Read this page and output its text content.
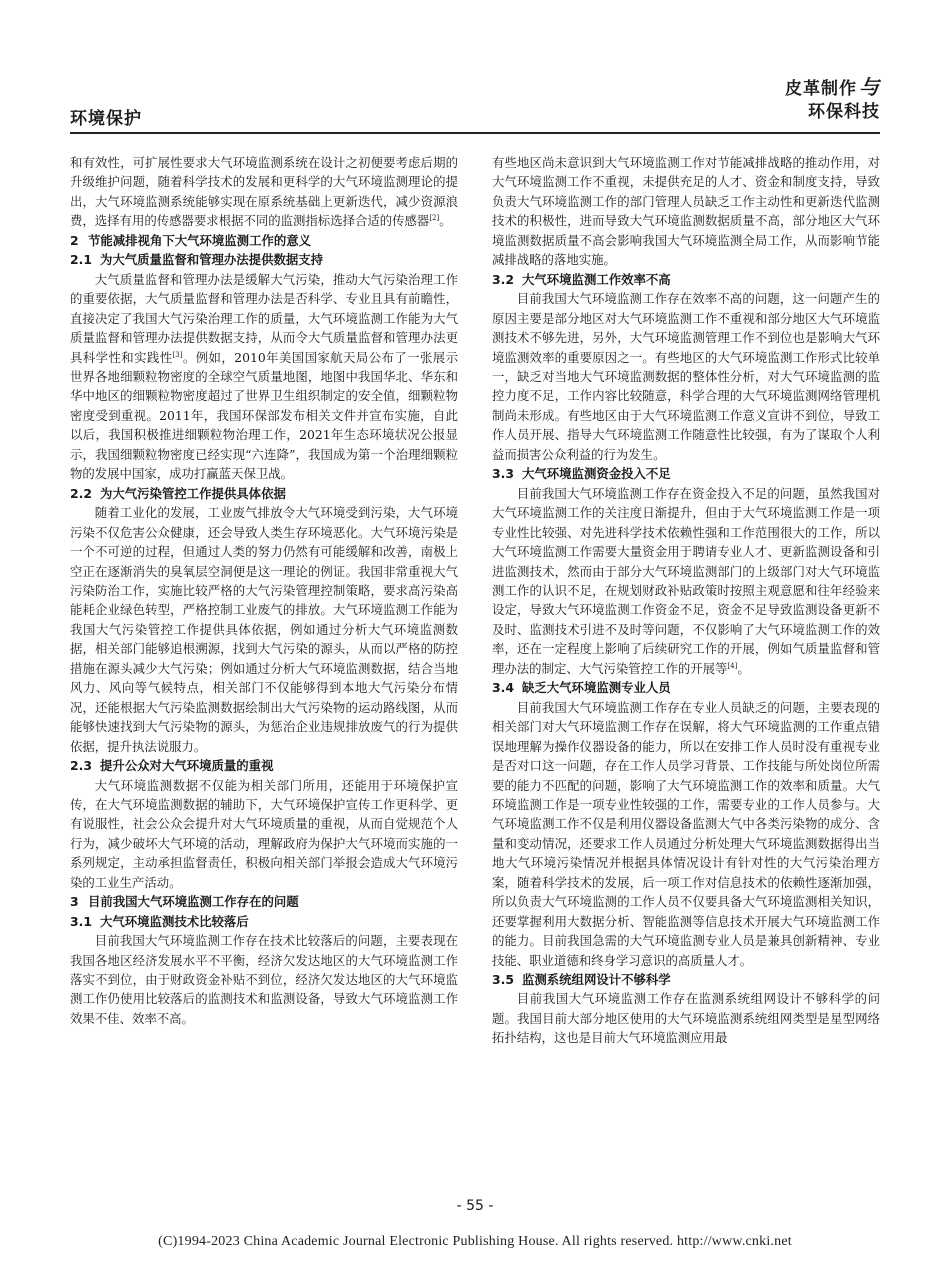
环境保护
皮革制作 与
环保科技

和有效性，可扩展性要求大气环境监测系统在设计之初便要考虑后期的升级维护问题，随着科学技术的发展和更科学的大气环境监测理论的提出，大气环境监测系统能够实现在原系统基础上更新迭代，减少资源浪费，选择有用的传感器要求根据不同的监测指标选择合适的传感器[2]。

2 节能减排视角下大气环境监测工作的意义
2.1 为大气质量监督和管理办法提供数据支持

大气质量监督和管理办法是缓解大气污染，推动大气污染治理工作的重要依据，大气质量监督和管理办法是否科学、专业且具有前瞻性，直接决定了我国大气污染治理工作的质量，大气环境监测工作能为大气质量监督和管理办法提供数据支持，从而令大气质量监督和管理办法更具科学性和实践性[3]。例如，2010年美国国家航天局公布了一张展示世界各地细颗粒物密度的全球空气质量地图，地图中我国华北、华东和华中地区的细颗粒物密度超过了世界卫生组织制定的安全值，细颗粒物密度受到重视。2011年，我国环保部发布相关文件并宣布实施，自此以后，我国积极推进细颗粒物治理工作，2021年生态环境状况公报显示，我国细颗粒物密度已经实现“六连降”，我国成为第一个治理细颗粒物的发展中国家，成功打赢蓝天保卫战。

2.2 为大气污染管控工作提供具体依据

随着工业化的发展，工业废气排放令大气环境受到污染，大气环境污染不仅危害公众健康，还会导致人类生存环境恶化。大气环境污染是一个不可逆的过程，但通过人类的努力仍然有可能缓解和改善，南极上空正在逐渐消失的臭氧层空洞便是这一理论的例证。我国非常重视大气污染防治工作，实施比较严格的大气污染管理控制策略，要求高污染高能耗企业绿色转型，严格控制工业废气的排放。大气环境监测工作能为我国大气污染管控工作提供具体依据，例如通过分析大气环境监测数据，相关部门能够追根溯源，找到大气污染的源头，从而以严格的防控措施在源头减少大气污染；例如通过分析大气环境监测数据，结合当地风力、风向等气候特点，相关部门不仅能够得到本地大气污染分布情况，还能根据大气污染监测数据绘制出大气污染物的运动路线图，从而能够快速找到大气污染物的源头，为惩治企业违规排放废气的行为提供依据，提升执法说服力。

2.3 提升公众对大气环境质量的重视

大气环境监测数据不仅能为相关部门所用，还能用于环境保护宣传，在大气环境监测数据的辅助下，大气环境保护宣传工作更科学、更有说服性，社会公众会提升对大气环境质量的重视，从而自觉规范个人行为，减少破坏大气环境的活动，理解政府为保护大气环境而实施的一系列规定，主动承担监督责任，积极向相关部门举报会造成大气环境污染的工业生产活动。

3 目前我国大气环境监测工作存在的问题
3.1 大气环境监测技术比较落后

目前我国大气环境监测工作存在技术比较落后的问题，主要表现在我国各地区经济发展水平不平衡，经济欠发达地区的大气环境监测工作落实不到位，由于财政资金补贴不到位，经济欠发达地区的大气环境监测工作仍使用比较落后的监测技术和监测设备，导致大气环境监测工作效果不佳、效率不高。

有些地区尚未意识到大气环境监测工作对节能减排战略的推动作用，对大气环境监测工作不重视，未提供充足的人才、资金和制度支持，导致负责大气环境监测工作的部门管理人员缺乏工作主动性和更新迭代监测技术的积极性，进而导致大气环境监测数据质量不高，部分地区大气环境监测数据质量不高会影响我国大气环境监测全局工作，从而影响节能减排战略的落地实施。

3.2 大气环境监测工作效率不高

目前我国大气环境监测工作存在效率不高的问题，这一问题产生的原因主要是部分地区对大气环境监测工作不重视和部分地区大气环境监测技术不够先进，另外，大气环境监测管理工作不到位也是影响大气环境监测效率的重要原因之一。有些地区的大气环境监测工作形式比较单一，缺乏对当地大气环境监测数据的整体性分析，对大气环境监测的监控力度不足，工作内容比较随意，科学合理的大气环境监测网络管理机制尚未形成。有些地区由于大气环境监测工作意义宣讲不到位，导致工作人员开展、指导大气环境监测工作随意性比较强，有为了谋取个人利益而损害公众利益的行为发生。

3.3 大气环境监测资金投入不足

目前我国大气环境监测工作存在资金投入不足的问题，虽然我国对大气环境监测工作的关注度日渐提升，但由于大气环境监测工作是一项专业性比较强、对先进科学技术依赖性强和工作范围很大的工作，所以大气环境监测工作需要大量资金用于聘请专业人才、更新监测设备和引进监测技术，然而由于部分大气环境监测部门的上级部门对大气环境监测工作的认识不足，在规划财政补贴政策时按照主观意愿和往年经验来设定，导致大气环境监测工作资金不足，资金不足导致监测设备更新不及时、监测技术引进不及时等问题，不仅影响了大气环境监测工作的效率，还在一定程度上影响了后续研究工作的开展，例如气质量监督和管理办法的制定、大气污染管控工作的开展等[4]。

3.4 缺乏大气环境监测专业人员

目前我国大气环境监测工作存在专业人员缺乏的问题，主要表现的相关部门对大气环境监测工作存在误解，将大气环境监测的工作重点错误地理解为操作仪器设备的能力，所以在安排工作人员时没有重视专业是否对口这一问题，存在工作人员学习背景、工作技能与所处岗位所需要的能力不匹配的问题，影响了大气环境监测工作的效率和质量。大气环境监测工作是一项专业性较强的工作，需要专业的工作人员参与。大气环境监测工作不仅是利用仪器设备监测大气中各类污染物的成分、含量和变动情况，还要求工作人员通过分析处理大气环境监测数据得出当地大气环境污染情况并根据具体情况设计有针对性的大气污染治理方案，随着科学技术的发展，后一项工作对信息技术的依赖性逐渐加强，所以负责大气环境监测的工作人员不仅要具备大气环境监测相关知识，还要掌握利用大数据分析、智能监测等信息技术开展大气环境监测工作的能力。目前我国急需的大气环境监测专业人员是兼具创新精神、专业技能、职业道德和终身学习意识的高质量人才。

3.5 监测系统组网设计不够科学

目前我国大气环境监测工作存在监测系统组网设计不够科学的问题。我国目前大部分地区使用的大气环境监测系统组网类型是星型网络拓扑结构，这也是目前大气环境监测应用最

- 55 -
(C)1994-2023 China Academic Journal Electronic Publishing House. All rights reserved. http://www.cnki.net
